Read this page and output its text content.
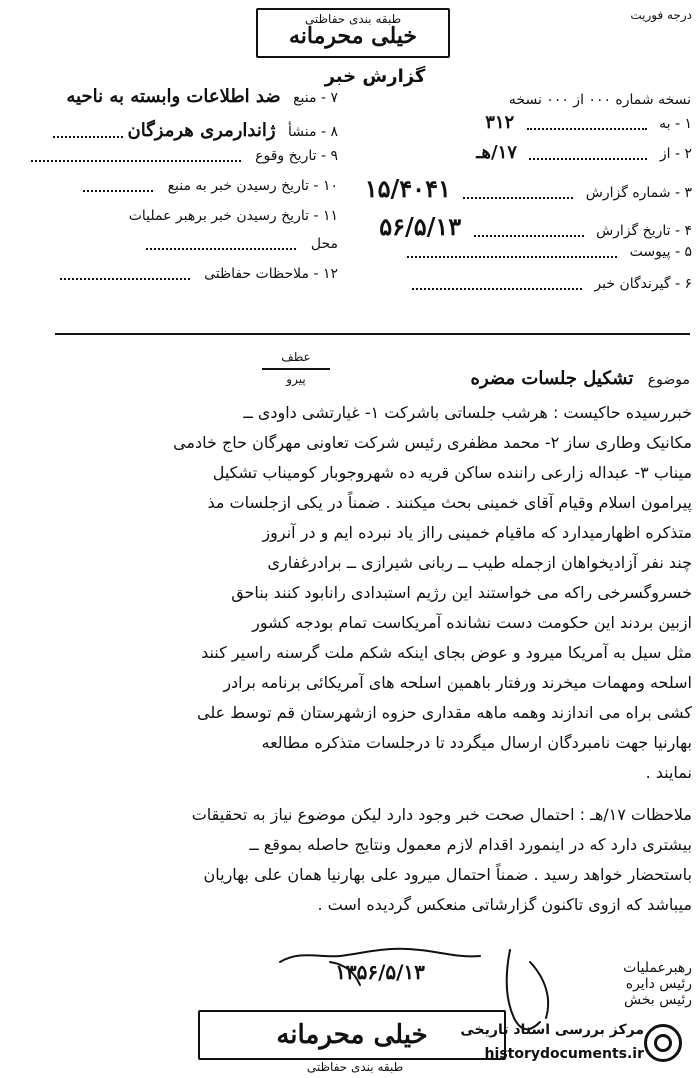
درجه فوریت
طبقه بندی حفاظتی
خیلی محرمانه
گزارش خبر
نسخه شماره ۰۰۰ از ۰۰۰ نسخه
۱ - به  ۳۱۲
۲ - از  ۱۷/هـ
۳ - شماره گزارش  ۱۵/۴۰۴۱
۴ - تاریخ گزارش  ۵۶/۵/۱۳
۵ - پیوست
۶ - گیرندگان خبر
۷ - منبع ضد اطلاعات وابسته به ناحیه
۸ - منشأ ژاندارمری هرمزگان
۹ - تاریخ وقوع
۱۰ - تاریخ رسیدن خبر به منبع
۱۱ - تاریخ رسیدن خبر برهبر عملیات
محل
۱۲ - ملاحظات حفاظتی
موضوع تشکیل جلسات مضره
عطف
پیرو
خبررسیده حاکیست : هرشب جلساتی باشرکت ۱- غیارتشی داودی ــ
مکانیک وطاری ساز ۲- محمد مظفری رئیس شرکت تعاونی مهرگان حاج خادمی
میناب ۳- عبداله زارعی راننده ساکن قریه ده شهروجوبار کومیناب تشکیل
پیرامون اسلام وقیام آقای خمینی بحث میکنند . ضمناً در یکی ازجلسات مذ
متذکره اظهارمیدارد که ماقیام خمینی رااز یاد نبرده ایم و در آنروز
چند نفر آزادیخواهان ازجمله طیب ــ ربانی شیرازی ــ برادرغفاری
خسروگسرخی راکه می خواستند این رژیم استبدادی رانابود کنند بناحق
ازبین بردند این حکومت دست نشانده آمریکاست تمام بودجه کشور
مثل سیل به آمریکا میرود و عوض بجای اینکه شکم ملت گرسنه راسیر کنند
اسلحه ومهمات میخرند ورفتار باهمین اسلحه های آمریکائی برنامه برادر
کشی براه می اندازند وهمه ماهه مقداری حزوه ازشهرستان قم توسط علی
بهارنیا جهت نامبردگان ارسال میگردد تا درجلسات متذکره مطالعه
نمایند .
ملاحظات ۱۷/هـ : احتمال صحت خبر وجود دارد لیکن موضوع نیاز به تحقیقات
بیشتری دارد که در اینمورد اقدام لازم معمول ونتایج حاصله بموقع ــ
باستحضار خواهد رسید . ضمناً احتمال میرود علی بهارنیا همان علی بهاریان
میباشد که ازوی تاکنون گزارشاتی منعکس گردیده است .
رهبرعملیات
رئیس دایره
رئیس بخش
خیلی محرمانه
طبقه بندی حفاظتی
۱۳۵۶/۵/۱۳
مرکز بررسی اسناد تاریخی
historydocuments.ir
